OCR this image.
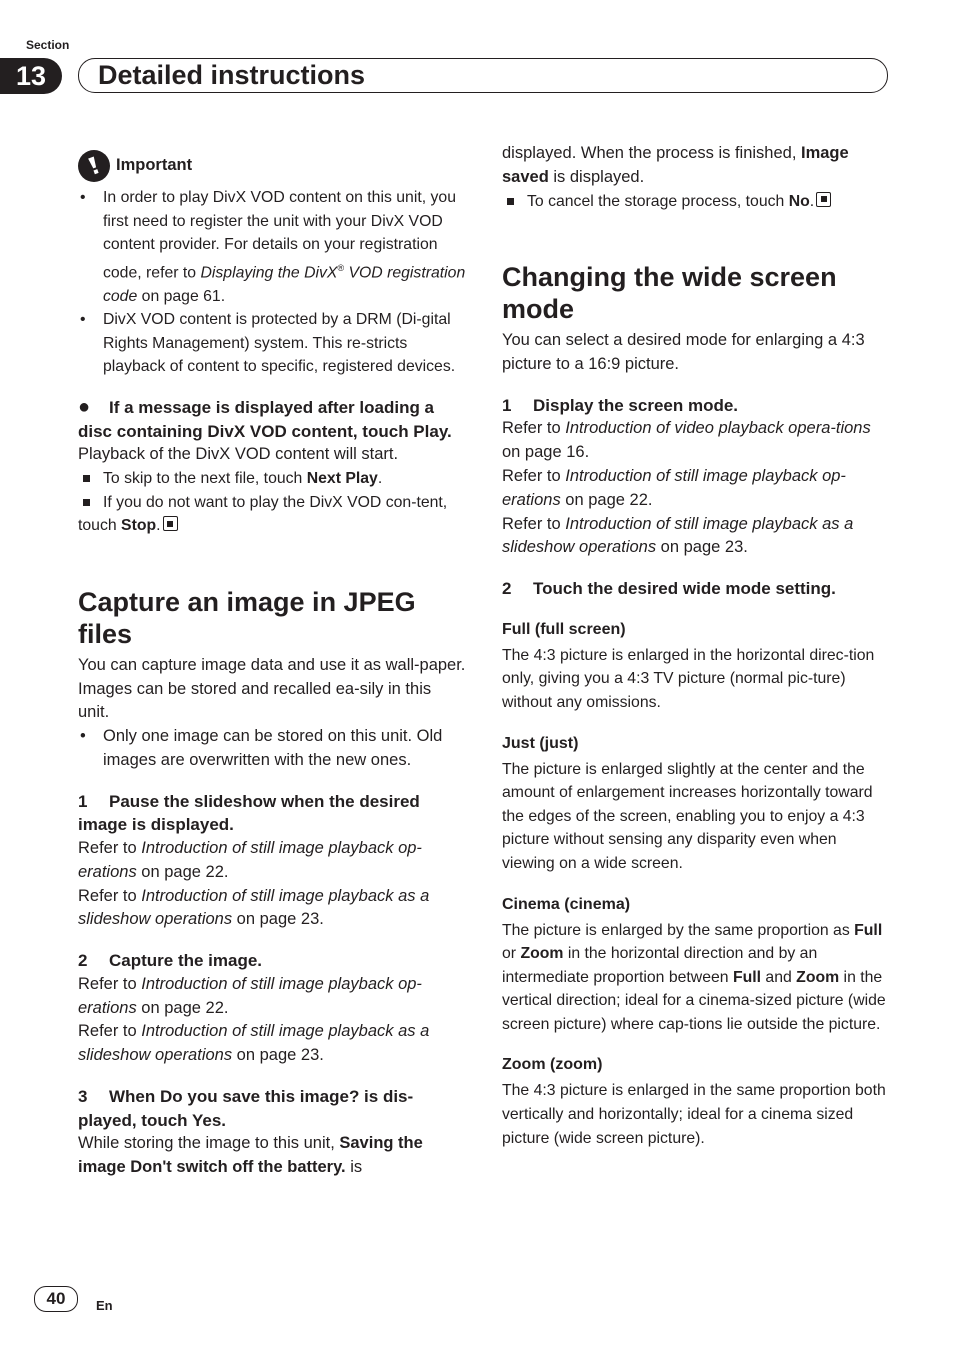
Section
13	Detailed instructions
Important
• In order to play DivX VOD content on this unit, you first need to register the unit with your DivX VOD content provider. For details on your registration code, refer to Displaying the DivX® VOD registration code on page 61.
• DivX VOD content is protected by a DRM (Di-gital Rights Management) system. This re-stricts playback of content to specific, registered devices.
● If a message is displayed after loading a disc containing DivX VOD content, touch Play.

Playback of the DivX VOD content will start.

To skip to the next file, touch Next Play.
If you do not want to play the DivX VOD con-tent, touch Stop.
Capture an image in JPEG files

You can capture image data and use it as wall-paper. Images can be stored and recalled ea-sily in this unit.

• Only one image can be stored on this unit. Old images are overwritten with the new ones.
1 Pause the slideshow when the desired image is displayed.

Refer to Introduction of still image playback op-erations on page 22.

Refer to Introduction of still image playback as a slideshow operations on page 23.

2 Capture the image.

Refer to Introduction of still image playback op-erations on page 22.

Refer to Introduction of still image playback as a slideshow operations on page 23.

3 When Do you save this image? is dis-played, touch Yes.

While storing the image to this unit, Saving the image Don't switch off the battery. is

displayed. When the process is finished, Image saved is displayed.

To cancel the storage process, touch No.
Changing the wide screen mode

You can select a desired mode for enlarging a 4:3 picture to a 16:9 picture.

1 Display the screen mode.

Refer to Introduction of video playback opera-tions on page 16.

Refer to Introduction of still image playback op-erations on page 22.

Refer to Introduction of still image playback as a slideshow operations on page 23.

2 Touch the desired wide mode setting.
Full (full screen)

The 4:3 picture is enlarged in the horizontal direc-tion only, giving you a 4:3 TV picture (normal pic-ture) without any omissions.

Just (just)

The picture is enlarged slightly at the center and the amount of enlargement increases horizontally toward the edges of the screen, enabling you to enjoy a 4:3 picture without sensing any disparity even when viewing on a wide screen.

Cinema (cinema)

The picture is enlarged by the same proportion as Full or Zoom in the horizontal direction and by an intermediate proportion between Full and Zoom in the vertical direction; ideal for a cinema-sized picture (wide screen picture) where cap-tions lie outside the picture.

Zoom (zoom)

The 4:3 picture is enlarged in the same proportion both vertically and horizontally; ideal for a cinema sized picture (wide screen picture).

40	En
